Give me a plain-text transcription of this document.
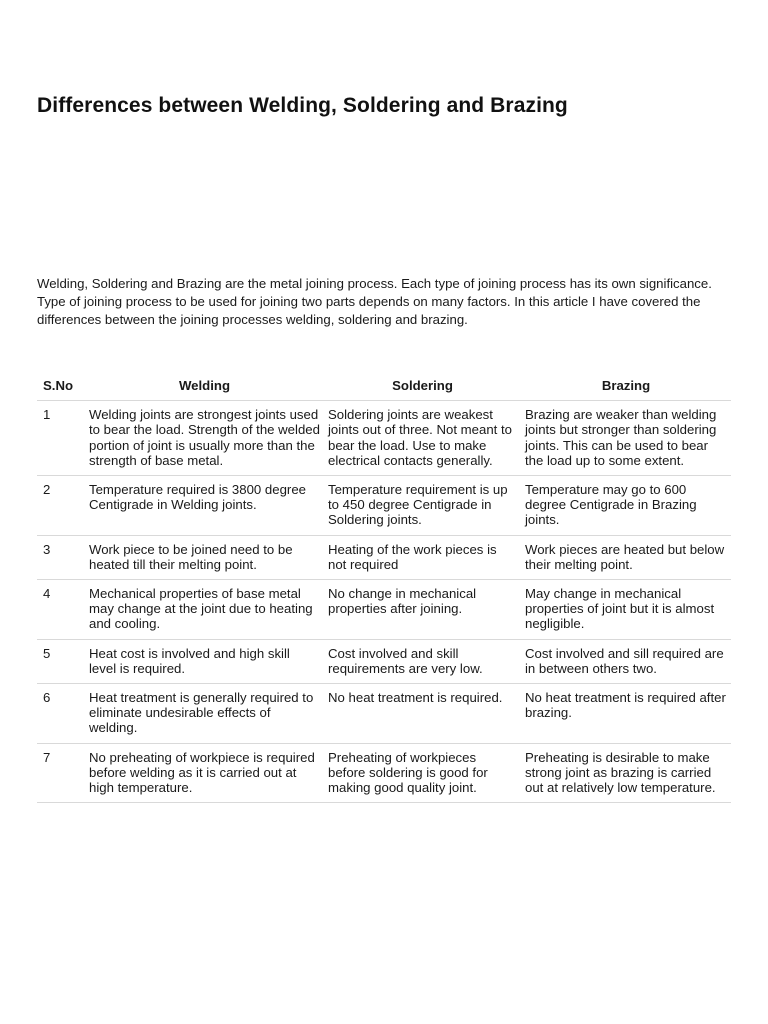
Differences between Welding, Soldering and Brazing

Welding, Soldering and Brazing are the metal joining process. Each type of joining process has its own significance. Type of joining process to be used for joining two parts depends on many factors. In this article I have covered the differences between the joining processes welding, soldering and brazing.

S.No	Welding	Soldering	Brazing
1	Welding joints are strongest joints used to bear the load. Strength of the welded portion of joint is usually more than the strength of base metal.	Soldering joints are weakest joints out of three. Not meant to bear the load. Use to make electrical contacts generally.	Brazing are weaker than welding joints but stronger than soldering joints. This can be used to bear the load up to some extent.
2	Temperature required is 3800 degree Centigrade in Welding joints.	Temperature requirement is up to 450 degree Centigrade in Soldering joints.	Temperature may go to 600 degree Centigrade in Brazing joints.
3	Work piece to be joined need to be heated till their melting point.	Heating of the work pieces is not required	Work pieces are heated but below their melting point.
4	Mechanical properties of base metal may change at the joint due to heating and cooling.	No change in mechanical properties after joining.	May change in mechanical properties of joint but it is almost negligible.
5	Heat cost is involved and high skill level is required.	Cost involved and skill requirements are very low.	Cost involved and sill required are in between others two.
6	Heat treatment is generally required to eliminate undesirable effects of welding.	No heat treatment is required.	No heat treatment is required after brazing.
7	No preheating of workpiece is required before welding as it is carried out at high temperature.	Preheating of workpieces before soldering is good for making good quality joint.	Preheating is desirable to make strong joint as brazing is carried out at relatively low temperature.
